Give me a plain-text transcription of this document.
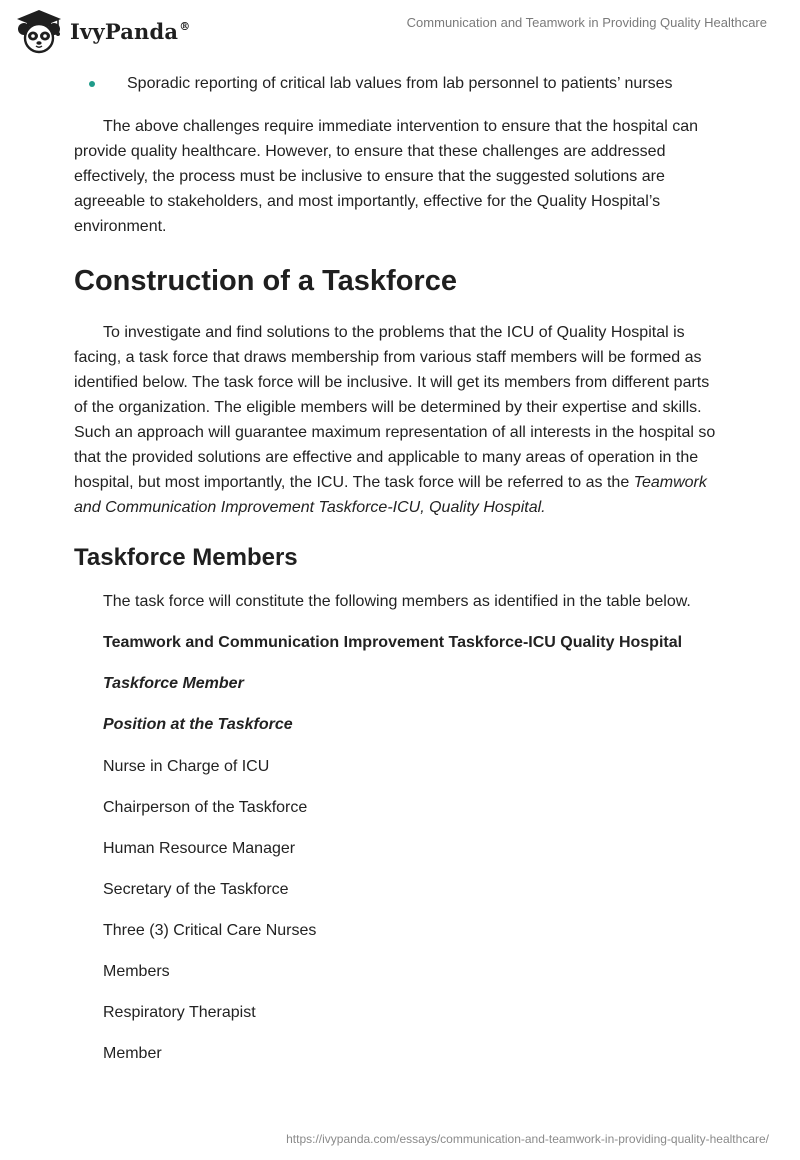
IvyPanda®	Communication and Teamwork in Providing Quality Healthcare
Sporadic reporting of critical lab values from lab personnel to patients’ nurses

The above challenges require immediate intervention to ensure that the hospital can provide quality healthcare. However, to ensure that these challenges are addressed effectively, the process must be inclusive to ensure that the suggested solutions are agreeable to stakeholders, and most importantly, effective for the Quality Hospital’s environment.

Construction of a Taskforce

To investigate and find solutions to the problems that the ICU of Quality Hospital is facing, a task force that draws membership from various staff members will be formed as identified below. The task force will be inclusive. It will get its members from different parts of the organization. The eligible members will be determined by their expertise and skills. Such an approach will guarantee maximum representation of all interests in the hospital so that the provided solutions are effective and applicable to many areas of operation in the hospital, but most importantly, the ICU. The task force will be referred to as the Teamwork and Communication Improvement Taskforce-ICU, Quality Hospital.

Taskforce Members

The task force will constitute the following members as identified in the table below.

Teamwork and Communication Improvement Taskforce-ICU Quality Hospital

Taskforce Member

Position at the Taskforce

Nurse in Charge of ICU

Chairperson of the Taskforce

Human Resource Manager

Secretary of the Taskforce

Three (3) Critical Care Nurses

Members

Respiratory Therapist

Member

https://ivypanda.com/essays/communication-and-teamwork-in-providing-quality-healthcare/
